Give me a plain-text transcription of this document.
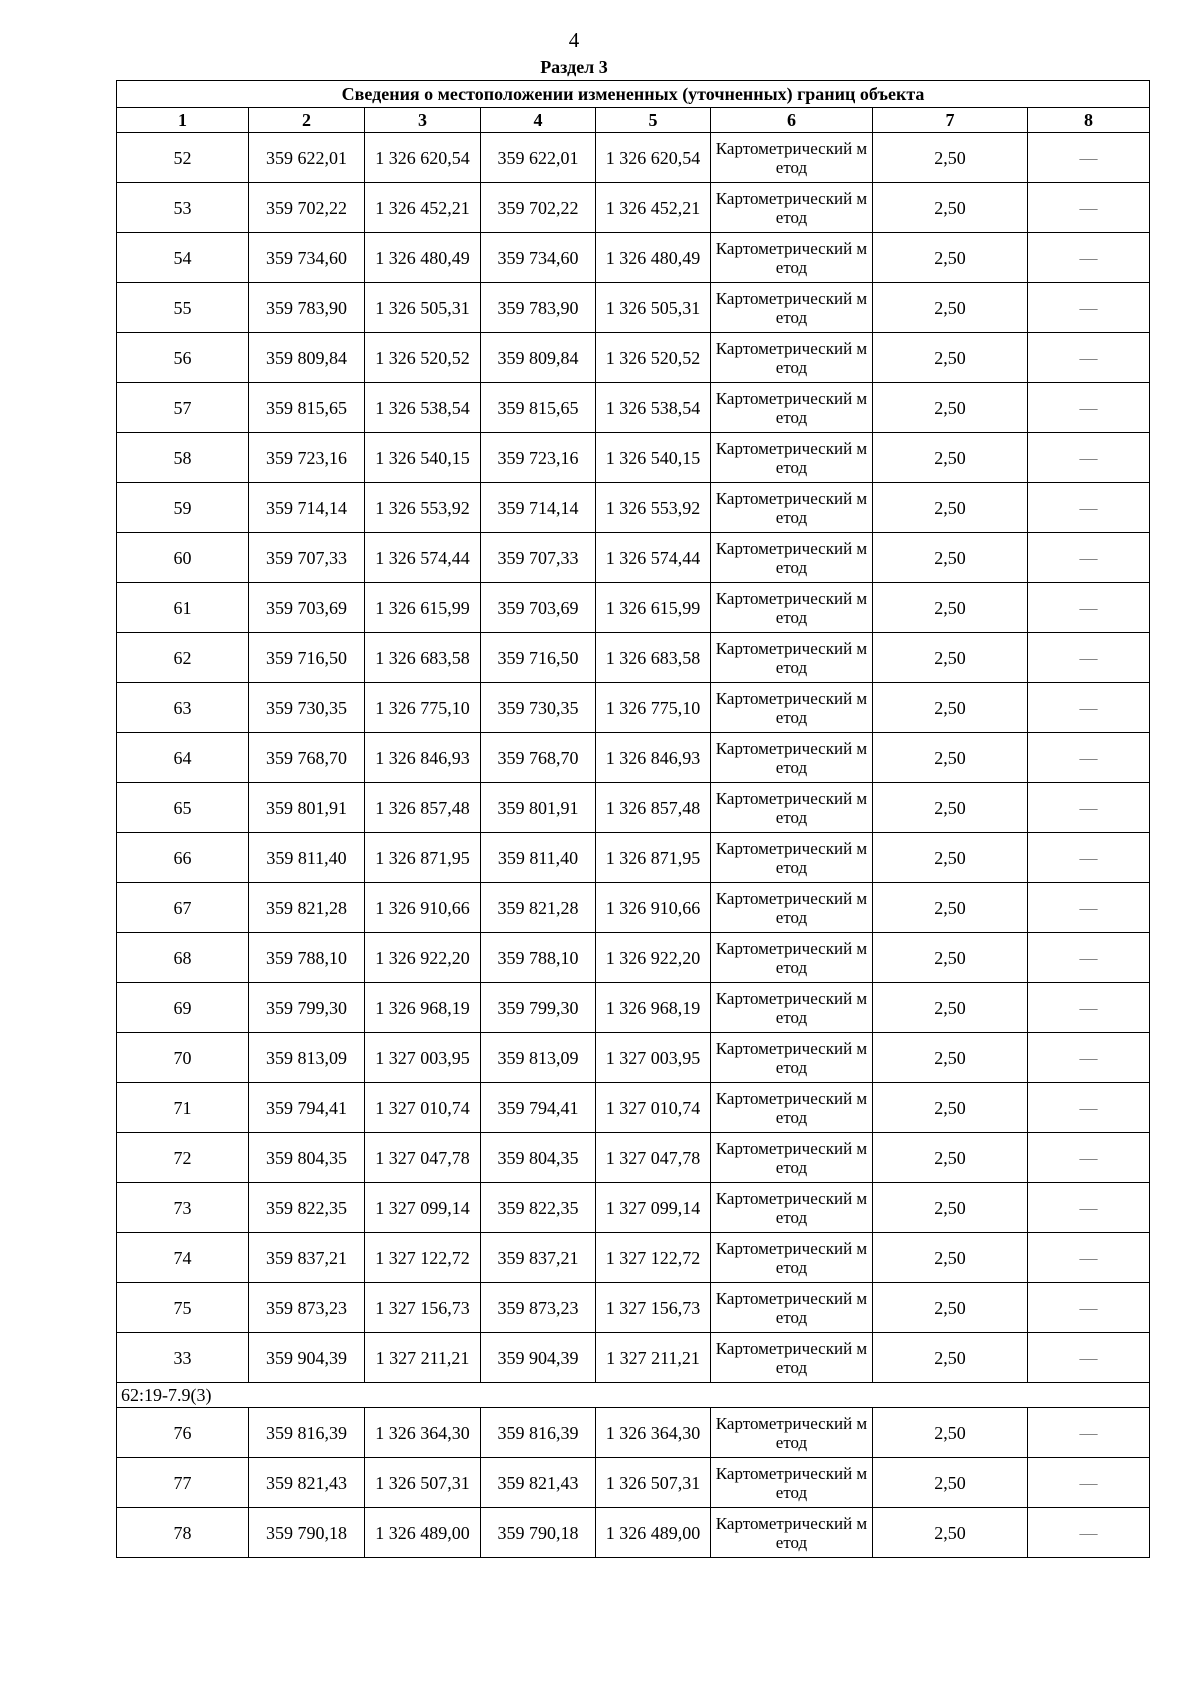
4
Раздел 3
Сведения о местоположении измененных (уточненных) границ объекта							
1	2	3	4	5	6	7	8
52	359 622,01	1 326 620,54	359 622,01	1 326 620,54	Картометрический метод	2,50	—
53	359 702,22	1 326 452,21	359 702,22	1 326 452,21	Картометрический метод	2,50	—
54	359 734,60	1 326 480,49	359 734,60	1 326 480,49	Картометрический метод	2,50	—
55	359 783,90	1 326 505,31	359 783,90	1 326 505,31	Картометрический метод	2,50	—
56	359 809,84	1 326 520,52	359 809,84	1 326 520,52	Картометрический метод	2,50	—
57	359 815,65	1 326 538,54	359 815,65	1 326 538,54	Картометрический метод	2,50	—
58	359 723,16	1 326 540,15	359 723,16	1 326 540,15	Картометрический метод	2,50	—
59	359 714,14	1 326 553,92	359 714,14	1 326 553,92	Картометрический метод	2,50	—
60	359 707,33	1 326 574,44	359 707,33	1 326 574,44	Картометрический метод	2,50	—
61	359 703,69	1 326 615,99	359 703,69	1 326 615,99	Картометрический метод	2,50	—
62	359 716,50	1 326 683,58	359 716,50	1 326 683,58	Картометрический метод	2,50	—
63	359 730,35	1 326 775,10	359 730,35	1 326 775,10	Картометрический метод	2,50	—
64	359 768,70	1 326 846,93	359 768,70	1 326 846,93	Картометрический метод	2,50	—
65	359 801,91	1 326 857,48	359 801,91	1 326 857,48	Картометрический метод	2,50	—
66	359 811,40	1 326 871,95	359 811,40	1 326 871,95	Картометрический метод	2,50	—
67	359 821,28	1 326 910,66	359 821,28	1 326 910,66	Картометрический метод	2,50	—
68	359 788,10	1 326 922,20	359 788,10	1 326 922,20	Картометрический метод	2,50	—
69	359 799,30	1 326 968,19	359 799,30	1 326 968,19	Картометрический метод	2,50	—
70	359 813,09	1 327 003,95	359 813,09	1 327 003,95	Картометрический метод	2,50	—
71	359 794,41	1 327 010,74	359 794,41	1 327 010,74	Картометрический метод	2,50	—
72	359 804,35	1 327 047,78	359 804,35	1 327 047,78	Картометрический метод	2,50	—
73	359 822,35	1 327 099,14	359 822,35	1 327 099,14	Картометрический метод	2,50	—
74	359 837,21	1 327 122,72	359 837,21	1 327 122,72	Картометрический метод	2,50	—
75	359 873,23	1 327 156,73	359 873,23	1 327 156,73	Картометрический метод	2,50	—
33	359 904,39	1 327 211,21	359 904,39	1 327 211,21	Картометрический метод	2,50	—
62:19-7.9(3)							
76	359 816,39	1 326 364,30	359 816,39	1 326 364,30	Картометрический метод	2,50	—
77	359 821,43	1 326 507,31	359 821,43	1 326 507,31	Картометрический метод	2,50	—
78	359 790,18	1 326 489,00	359 790,18	1 326 489,00	Картометрический метод	2,50	—
